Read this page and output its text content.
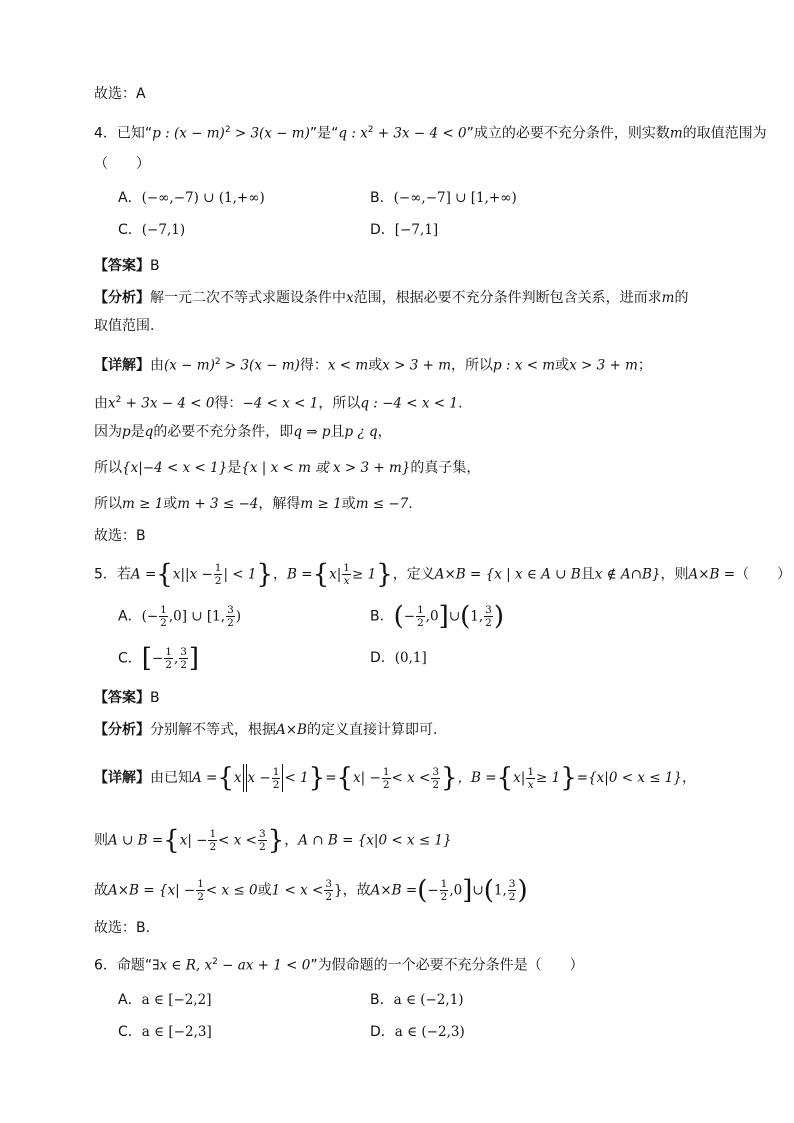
故选：A
4．已知“p : $(x - m)^2 > 3(x - m)$”是“q : $x^2 + 3x - 4 < 0$”成立的必要不充分条件，则实数m的取值范围为
（　　）
A．(−∞,−7) ∪ (1,+∞)	B．(−∞,−7] ∪ [1,+∞)
C．(−7,1)	D．[−7,1]
【答案】B
【分析】解一元二次不等式求题设条件中x范围，根据必要不充分条件判断包含关系，进而求m的
取值范围.
【详解】由$(x - m)^2 > 3(x - m)$得：x < m或x > 3 + m，所以p : x < m或x > 3 + m；
由$x^2 + 3x - 4 < 0$得：−4 < x < 1，所以q : −4 < x < 1.
因为p是q的必要不充分条件，即q ⇒ p且p ¿ q，
所以{x|−4 < x < 1}是{x | x < m 或 x > 3 + m}的真子集，
所以m ≥ 1或m + 3 ≤ −4，解得m ≥ 1或m ≤ −7.
故选：B
5．若$A =\{x||x - \frac{1}{2}$ | < 1}，$B =\{x| \frac{1}{x} \ge 1\}$，定义A×B = {x | x ∈ A ∪ B且x ∉ A∩B}，则A×B =（　　）
A．(− $\frac{1}{2} ,0$] ∪ [1, $\frac{3}{2}$ )	B．(− $\frac{1}{2}$ ,0]∪(1, $\frac{3}{2}$ )
C．[− $\frac{1}{2}$ , $\frac{3}{2}$ ]	D．(0,1]
【答案】B
【分析】分别解不等式，根据A×B的定义直接计算即可.
【详解】由已知A ={x $x - \frac{1}{2} < 1\}=\{x| - \frac{1}{2} < x < \frac{3}{2}$ }，$B =\{x| \frac{1}{x} \ge 1\}=\{x|0 < x \le 1\}$，
则A ∪ $B =\{x| - \frac{1}{2} < x < \frac{3}{2}$ }，A ∩ B = {x|0 < x ≤ 1}
故$A\times B = \{x| - \frac{1}{2} < x \le 0$或$1 < x < \frac{3}{2}$ }，故A×B =(− $\frac{1}{2}$ ,0]∪(1, $\frac{3}{2}$ )
故选：B.
6．命题“∃x ∈ R, $x^2$ − ax + 1 < 0”为假命题的一个必要不充分条件是（　　）
A．a ∈ [−2,2]	B．a ∈ (−2,1)
C．a ∈ [−2,3]	D．a ∈ (−2,3)
